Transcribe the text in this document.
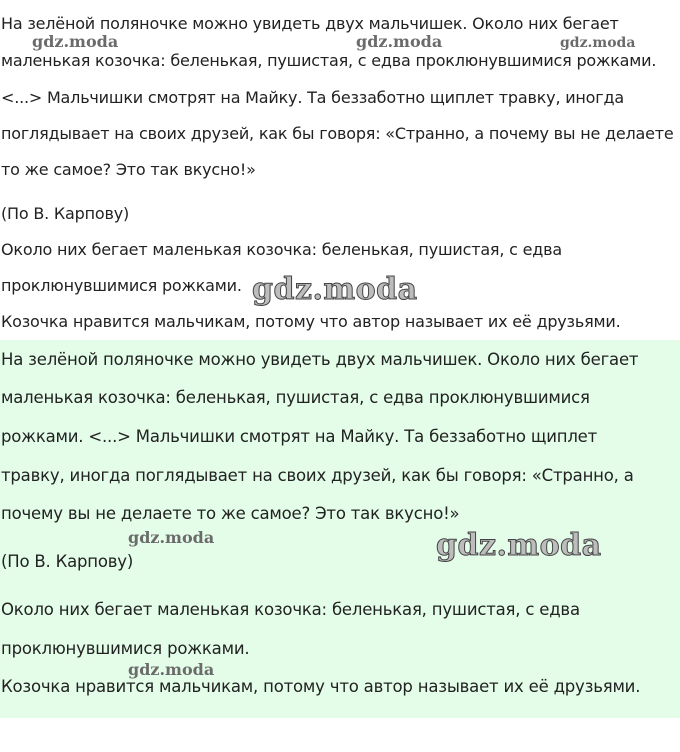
На зелёной поляночке можно увидеть двух мальчишек. Около них бегает
маленькая козочка: беленькая, пушистая, с едва проклюнувшимися рожками.
<...> Мальчишки смотрят на Майку. Та беззаботно щиплет травку, иногда
поглядывает на своих друзей, как бы говоря: «Странно, а почему вы не делаете
то же самое? Это так вкусно!»
(По В. Карпову)
Около них бегает маленькая козочка: беленькая, пушистая, с едва
проклюнувшимися рожками.
Козочка нравится мальчикам, потому что автор называет их её друзьями.
На зелёной поляночке можно увидеть двух мальчишек. Около них бегает
маленькая козочка: беленькая, пушистая, с едва проклюнувшимися
рожками. <...> Мальчишки смотрят на Майку. Та беззаботно щиплет
травку, иногда поглядывает на своих друзей, как бы говоря: «Странно, а
почему вы не делаете то же самое? Это так вкусно!»
(По В. Карпову)
Около них бегает маленькая козочка: беленькая, пушистая, с едва
проклюнувшимися рожками.
Козочка нравится мальчикам, потому что автор называет их её друзьями.
gdz.moda	gdz.moda	gdz.moda
gdz.moda
gdz.moda	gdz.moda
gdz.moda
